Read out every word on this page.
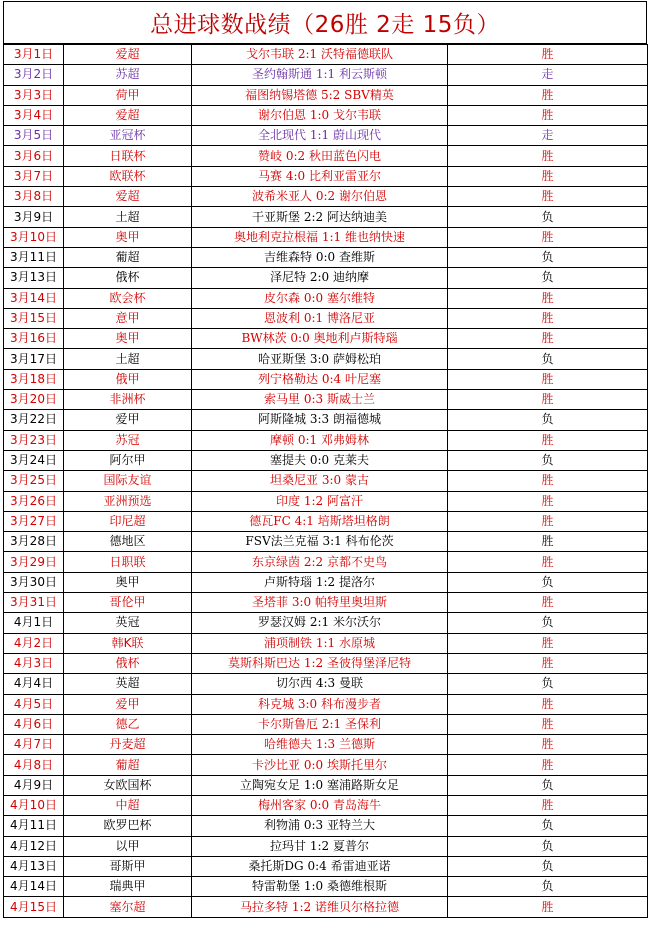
总进球数战绩（26胜 2走 15负）
3月1日	爱超	戈尔韦联 2:1 沃特福德联队	胜
3月2日	苏超	圣约翰斯通 1:1 利云斯顿	走
3月3日	荷甲	福图纳锡塔德 5:2 SBV精英	胜
3月4日	爱超	谢尔伯恩 1:0 戈尔韦联	胜
3月5日	亚冠杯	全北现代 1:1 蔚山现代	走
3月6日	日联杯	赞岐 0:2 秋田蓝色闪电	胜
3月7日	欧联杯	马赛 4:0 比利亚雷亚尔	胜
3月8日	爱超	波希米亚人 0:2 谢尔伯恩	胜
3月9日	土超	干亚斯堡 2:2 阿达纳迪美	负
3月10日	奥甲	奥地利克拉根福 1:1 维也纳快速	胜
3月11日	葡超	吉维森特 0:0 查维斯	负
3月13日	俄杯	泽尼特 2:0 迪纳摩	负
3月14日	欧会杯	皮尔森 0:0 塞尔维特	胜
3月15日	意甲	恩波利 0:1 博洛尼亚	胜
3月16日	奥甲	BW林茨 0:0 奥地利卢斯特瑙	胜
3月17日	土超	哈亚斯堡 3:0 萨姆松珀	负
3月18日	俄甲	列宁格勒达 0:4 叶尼塞	胜
3月20日	非洲杯	索马里 0:3 斯威士兰	胜
3月22日	爱甲	阿斯隆城 3:3 朗福德城	负
3月23日	苏冠	摩顿 0:1 邓弗姆林	胜
3月24日	阿尔甲	塞提夫 0:0 克莱夫	负
3月25日	国际友谊	坦桑尼亚 3:0 蒙古	胜
3月26日	亚洲预选	印度 1:2 阿富汗	胜
3月27日	印尼超	德瓦FC 4:1 培斯塔坦格朗	胜
3月28日	德地区	FSV法兰克福 3:1 科布伦茨	胜
3月29日	日职联	东京绿茵 2:2 京都不史鸟	胜
3月30日	奥甲	卢斯特瑙 1:2 提洛尔	负
3月31日	哥伦甲	圣塔菲 3:0 帕特里奥坦斯	胜
4月1日	英冠	罗瑟汉姆 2:1 米尔沃尔	负
4月2日	韩K联	浦项制铁 1:1 水原城	胜
4月3日	俄杯	莫斯科斯巴达 1:2 圣彼得堡泽尼特	胜
4月4日	英超	切尔西 4:3 曼联	负
4月5日	爱甲	科克城 3:0 科布漫步者	胜
4月6日	德乙	卡尔斯鲁厄 2:1 圣保利	胜
4月7日	丹麦超	哈维德夫 1:3 兰德斯	胜
4月8日	葡超	卡沙比亚 0:0 埃斯托里尔	胜
4月9日	女欧国杯	立陶宛女足 1:0 塞浦路斯女足	负
4月10日	中超	梅州客家 0:0 青岛海牛	胜
4月11日	欧罗巴杯	利物浦 0:3 亚特兰大	负
4月12日	以甲	拉玛甘 1:2 夏普尔	负
4月13日	哥斯甲	桑托斯DG 0:4 希雷迪亚诺	负
4月14日	瑞典甲	特雷勒堡 1:0 桑德维根斯	负
4月15日	塞尔超	马拉多特 1:2 诺维贝尔格拉德	胜
